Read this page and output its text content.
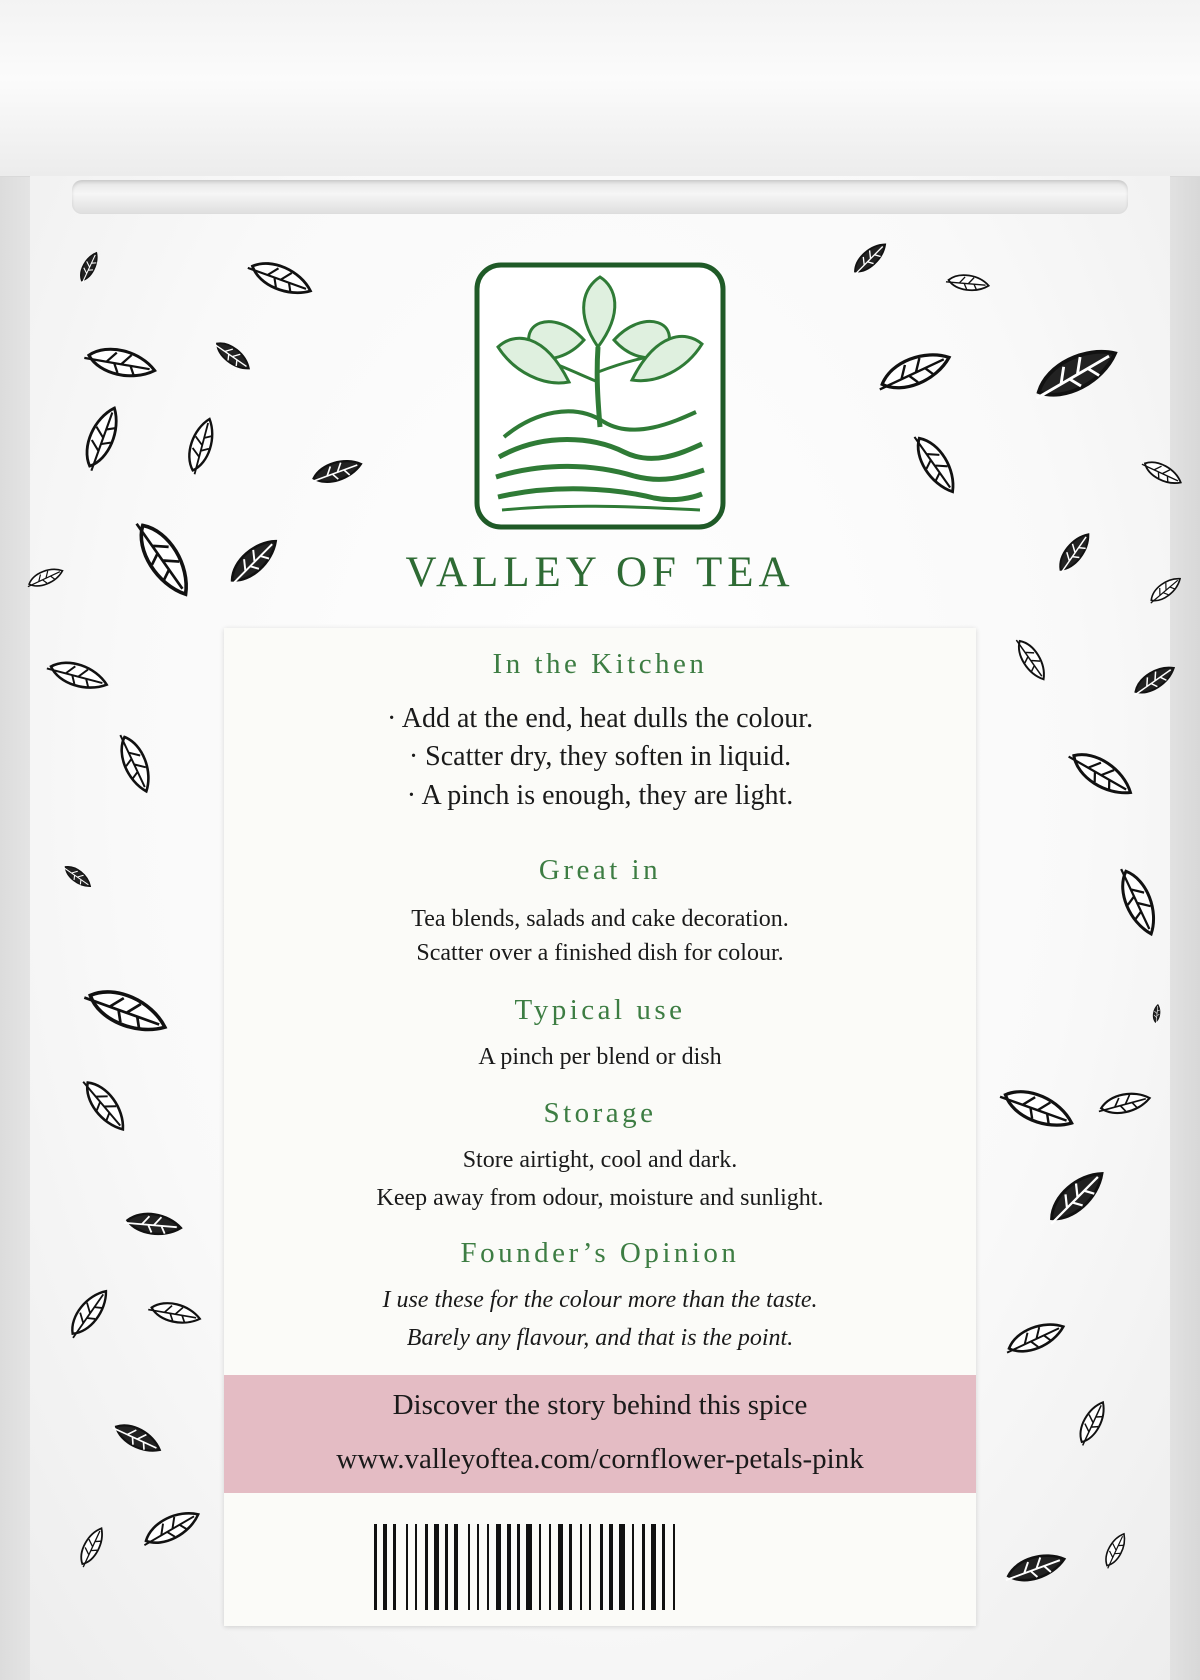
VALLEY OF TEA
In the Kitchen
· Add at the end, heat dulls the colour.
· Scatter dry, they soften in liquid.
· A pinch is enough, they are light.
Great in
Tea blends, salads and cake decoration.
Scatter over a finished dish for colour.
Typical use
A pinch per blend or dish
Storage
Store airtight, cool and dark.
Keep away from odour, moisture and sunlight.
Founder’s Opinion
I use these for the colour more than the taste.
Barely any flavour, and that is the point.
Discover the story behind this spice
www.valleyoftea.com/cornflower-petals-pink
